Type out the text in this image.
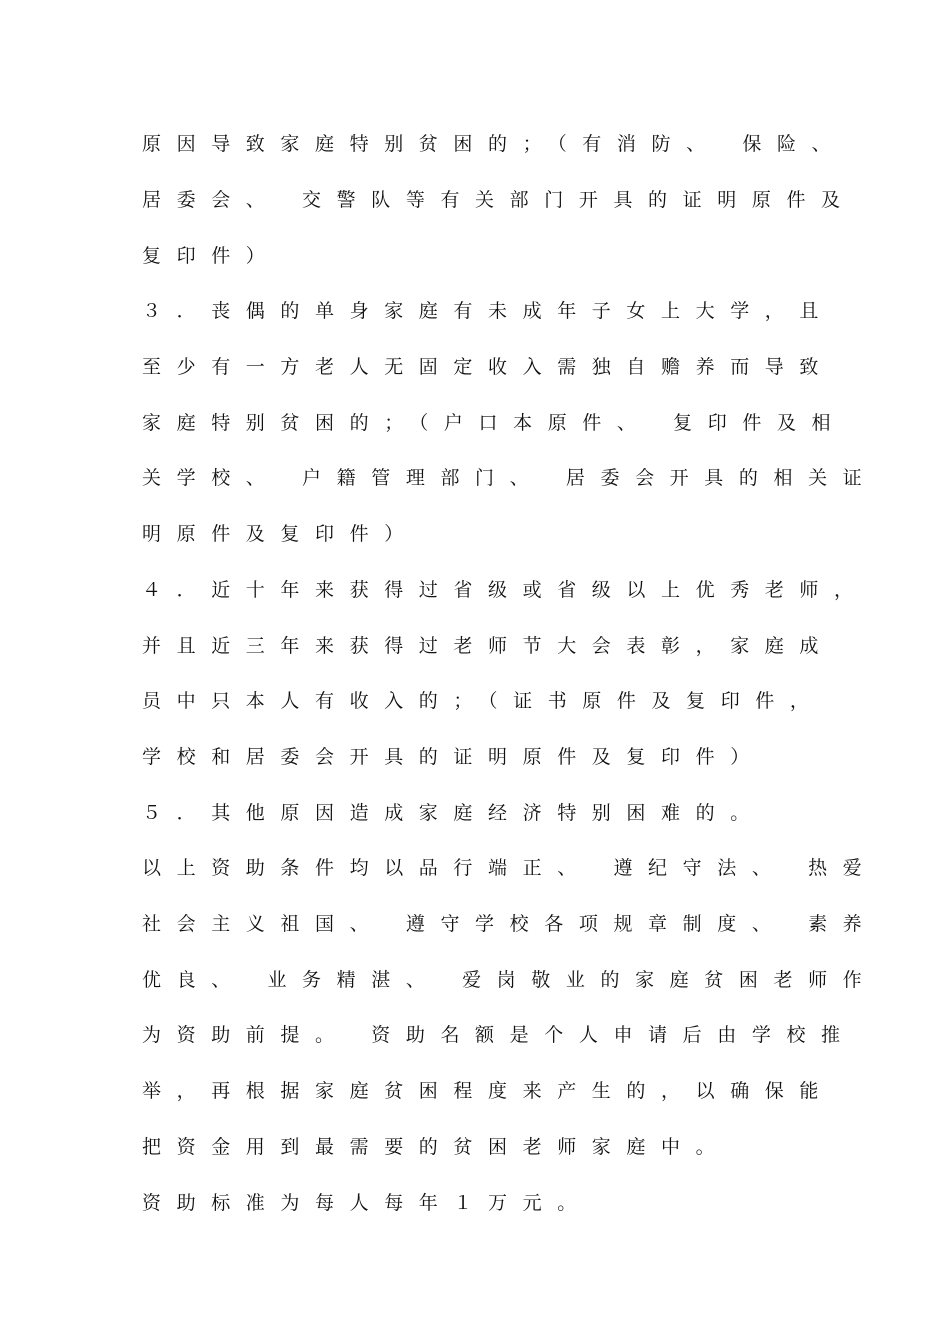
原因导致家庭特别贫困的；（有消防、 保险、
居委会、 交警队等有关部门开具的证明原件及
复印件）
３．丧偶的单身家庭有未成年子女上大学，且
至少有一方老人无固定收入需独自赡养而导致
家庭特别贫困的；（户口本原件、 复印件及相
关学校、 户籍管理部门、 居委会开具的相关证
明原件及复印件）
４．近十年来获得过省级或省级以上优秀老师，
并且近三年来获得过老师节大会表彰，家庭成
员中只本人有收入的；（证书原件及复印件，
学校和居委会开具的证明原件及复印件）
５．其他原因造成家庭经济特别困难的。
以上资助条件均以品行端正、 遵纪守法、 热爱
社会主义祖国、 遵守学校各项规章制度、 素养
优良、 业务精湛、 爱岗敬业的家庭贫困老师作
为资助前提。 资助名额是个人申请后由学校推
举，再根据家庭贫困程度来产生的，以确保能
把资金用到最需要的贫困老师家庭中。
资助标准为每人每年１万元。
